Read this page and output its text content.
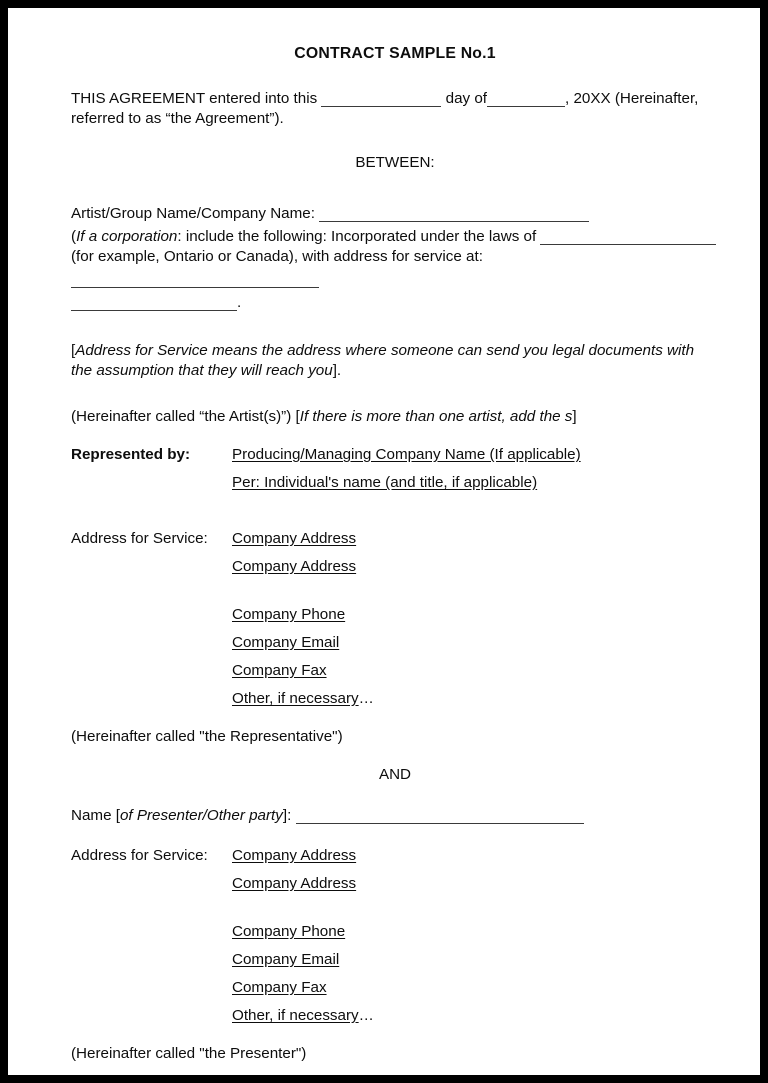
CONTRACT SAMPLE No.1
THIS AGREEMENT entered into this	day of	, 20XX (Hereinafter,
referred to as “the Agreement”).
BETWEEN:
Artist/Group Name/Company Name:
(If a corporation: include the following: Incorporated under the laws of
(for example, Ontario or Canada), with address for service at:
.
[Address for Service means the address where someone can send you legal documents with the assumption that they will reach you].
(Hereinafter called “the Artist(s)”) [If there is more than one artist, add the s]
Represented by:	Producing/Managing Company Name (If applicable)
Per: Individual's name (and title, if applicable)
Address for Service:	Company Address
Company Address
Company Phone
Company Email
Company Fax
Other, if necessary…
(Hereinafter called "the Representative")
AND
Name [of Presenter/Other party]:
Address for Service:	Company Address
Company Address
Company Phone
Company Email
Company Fax
Other, if necessary…
(Hereinafter called "the Presenter")
